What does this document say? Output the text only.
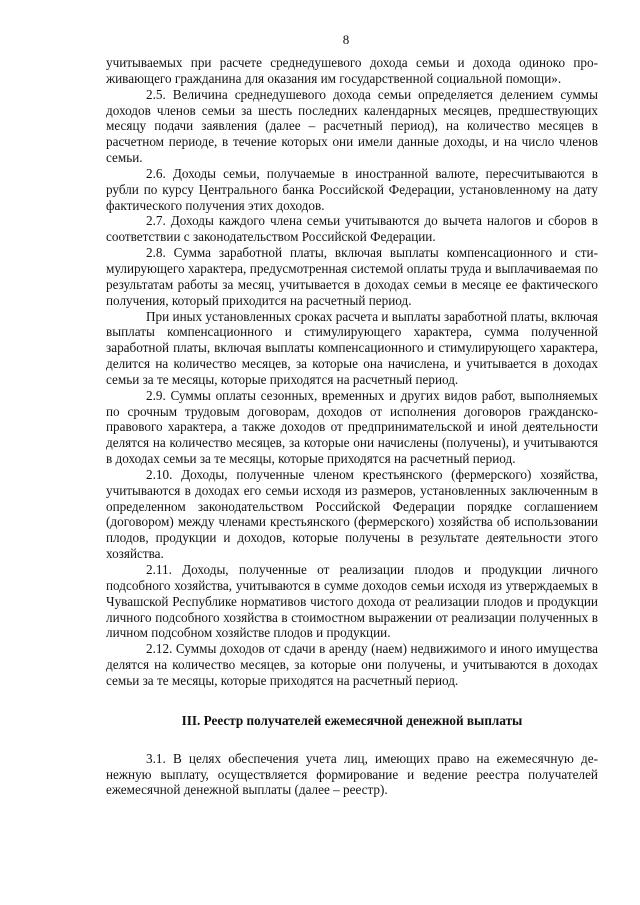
8

учитываемых при расчете среднедушевого дохода семьи и дохода одиноко проживающего гражданина для оказания им государственной социальной помощи».

2.5. Величина среднедушевого дохода семьи определяется делением суммы доходов членов семьи за шесть последних календарных месяцев, предшествующих месяцу подачи заявления (далее – расчетный период), на количество месяцев в расчетном периоде, в течение которых они имели данные доходы, и на число членов семьи.

2.6. Доходы семьи, получаемые в иностранной валюте, пересчитываются в рубли по курсу Центрального банка Российской Федерации, установленному на дату фактического получения этих доходов.

2.7. Доходы каждого члена семьи учитываются до вычета налогов и сборов в соответствии с законодательством Российской Федерации.

2.8. Сумма заработной платы, включая выплаты компенсационного и стимулирующего характера, предусмотренная системой оплаты труда и выплачиваемая по результатам работы за месяц, учитывается в доходах семьи в месяце ее фактического получения, который приходится на расчетный период.

При иных установленных сроках расчета и выплаты заработной платы, включая выплаты компенсационного и стимулирующего характера, сумма полученной заработной платы, включая выплаты компенсационного и стимулирующего характера, делится на количество месяцев, за которые она начислена, и учитывается в доходах семьи за те месяцы, которые приходятся на расчетный период.

2.9. Суммы оплаты сезонных, временных и других видов работ, выполняемых по срочным трудовым договорам, доходов от исполнения договоров гражданско-правового характера, а также доходов от предпринимательской и иной деятельности делятся на количество месяцев, за которые они начислены (получены), и учитываются в доходах семьи за те месяцы, которые приходятся на расчетный период.

2.10. Доходы, полученные членом крестьянского (фермерского) хозяйства, учитываются в доходах его семьи исходя из размеров, установленных заключенным в определенном законодательством Российской Федерации порядке соглашением (договором) между членами крестьянского (фермерского) хозяйства об использовании плодов, продукции и доходов, которые получены в результате деятельности этого хозяйства.

2.11. Доходы, полученные от реализации плодов и продукции личного подсобного хозяйства, учитываются в сумме доходов семьи исходя из утверждаемых в Чувашской Республике нормативов чистого дохода от реализации плодов и продукции личного подсобного хозяйства в стоимостном выражении от реализации полученных в личном подсобном хозяйстве плодов и продукции.

2.12. Суммы доходов от сдачи в аренду (наем) недвижимого и иного имущества делятся на количество месяцев, за которые они получены, и учитываются в доходах семьи за те месяцы, которые приходятся на расчетный период.

III. Реестр получателей ежемесячной денежной выплаты

3.1. В целях обеспечения учета лиц, имеющих право на ежемесячную денежную выплату, осуществляется формирование и ведение реестра получателей ежемесячной денежной выплаты (далее – реестр).
